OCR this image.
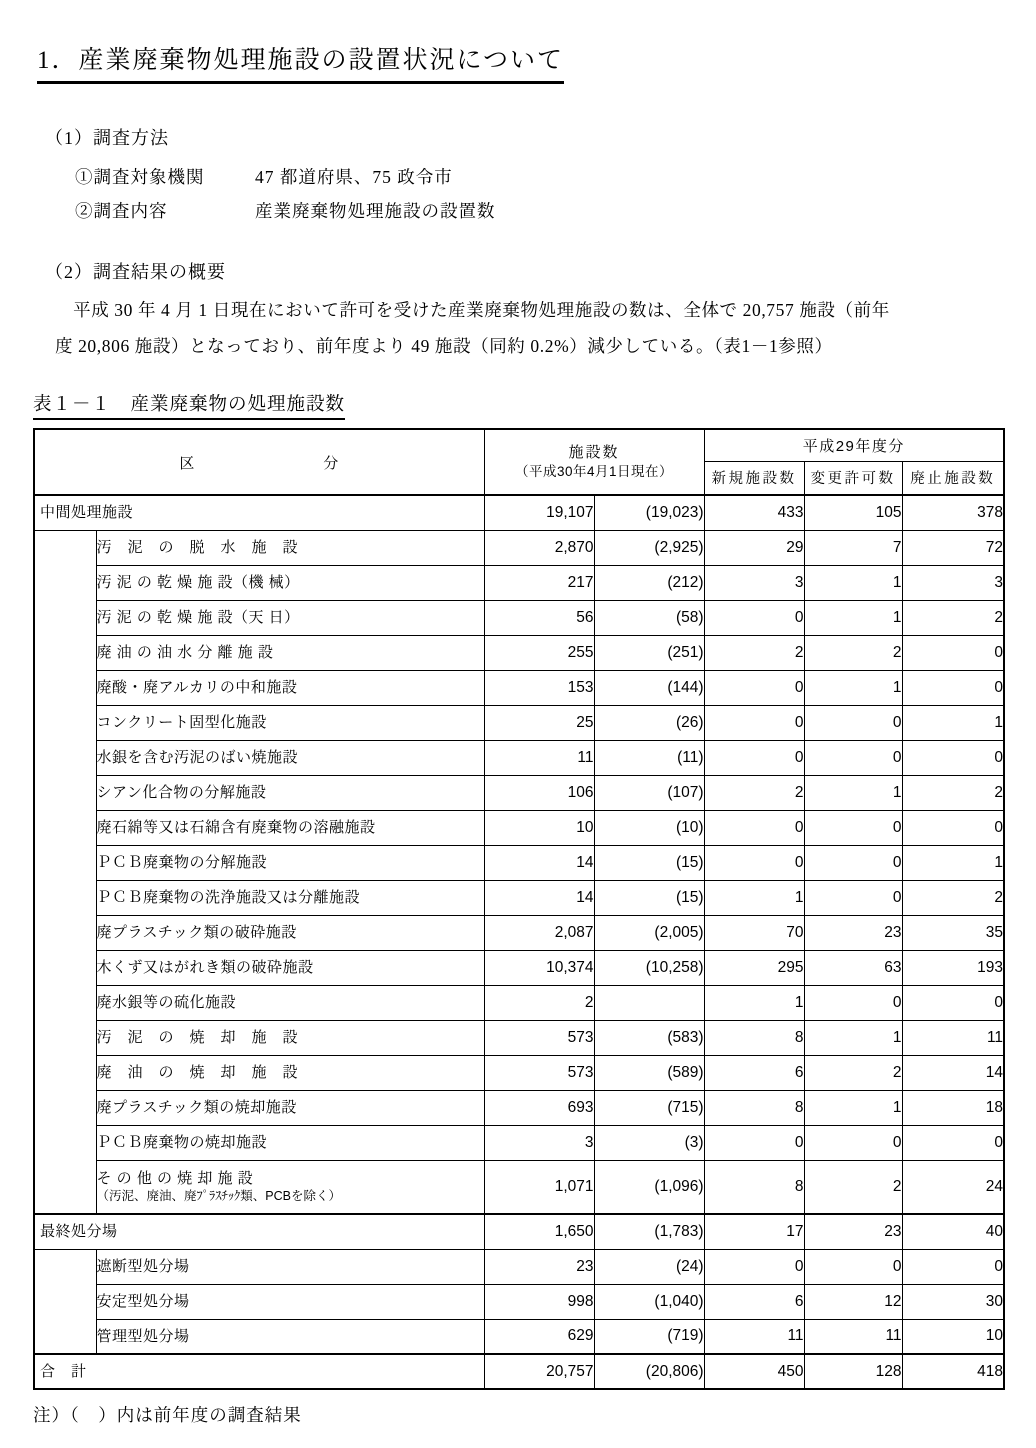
1．産業廃棄物処理施設の設置状況について
（1）調査方法
①調査対象機関	47 都道府県、75 政令市
②調査内容	産業廃棄物処理施設の設置数
（2）調査結果の概要
　平成 30 年 4 月 1 日現在において許可を受けた産業廃棄物処理施設の数は、全体で 20,757 施設（前年
度 20,806 施設）となっており、前年度より 49 施設（同約 0.2%）減少している。（表1－1参照）
表１－１　産業廃棄物の処理施設数
区　　　　　　　　分		施設数
（平成30年4月1日現在）		平成29年度分		
				新規施設数	変更許可数	廃止施設数
中間処理施設		19,107	(19,023)	433	105	378

	汚　泥　の　脱　水　施　設	2,870	(2,925)	29	7	72

	汚 泥 の 乾 燥 施 設（機 械）	217	(212)	3	1	3

	汚 泥 の 乾 燥 施 設（天 日）	56	(58)	0	1	2

	廃 油 の 油 水 分 離 施 設	255	(251)	2	2	0

	廃酸・廃アルカリの中和施設	153	(144)	0	1	0

	コンクリート固型化施設	25	(26)	0	0	1

	水銀を含む汚泥のばい焼施設	11	(11)	0	0	0

	シアン化合物の分解施設	106	(107)	2	1	2

	廃石綿等又は石綿含有廃棄物の溶融施設	10	(10)	0	0	0

	ＰＣＢ廃棄物の分解施設	14	(15)	0	0	1

	ＰＣＢ廃棄物の洗浄施設又は分離施設	14	(15)	1	0	2

	廃プラスチック類の破砕施設	2,087	(2,005)	70	23	35

	木くず又はがれき類の破砕施設	10,374	(10,258)	295	63	193

	廃水銀等の硫化施設	2		1	0	0

	汚　泥　の　焼　却　施　設	573	(583)	8	1	11

	廃　油　の　焼　却　施　設	573	(589)	6	2	14

	廃プラスチック類の焼却施設	693	(715)	8	1	18

	ＰＣＢ廃棄物の焼却施設	3	(3)	0	0	0

	そ の 他 の 焼 却 施 設
（汚泥、廃油、廃ﾌﾟﾗｽﾁｯｸ類、PCBを除く）	1,071	(1,096)	8	2	24
最終処分場		1,650	(1,783)	17	23	40

	遮断型処分場	23	(24)	0	0	0

	安定型処分場	998	(1,040)	6	12	30

	管理型処分場	629	(719)	11	11	10
合　計		20,757	(20,806)	450	128	418
注）（　）内は前年度の調査結果
